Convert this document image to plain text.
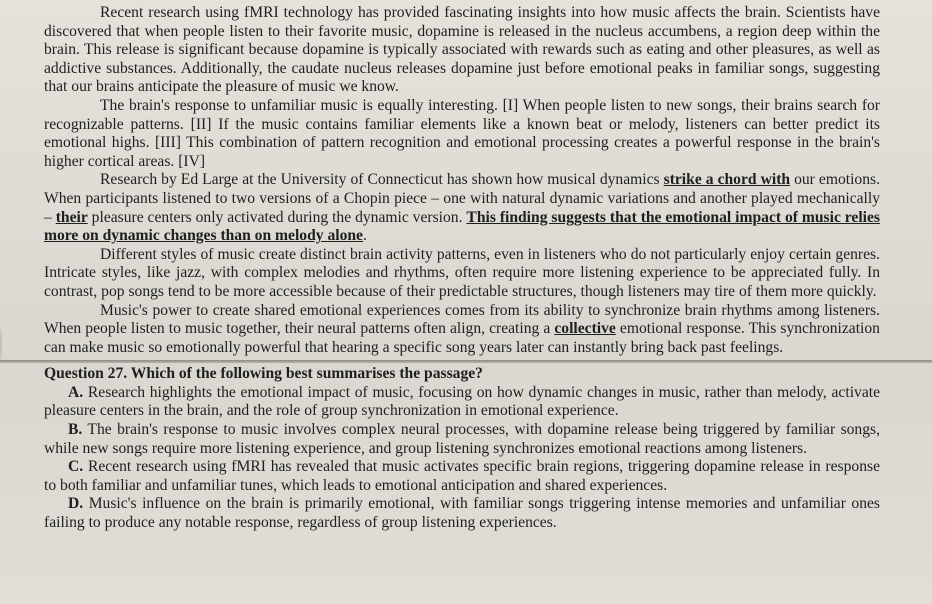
Recent research using fMRI technology has provided fascinating insights into how music affects the brain. Scientists have discovered that when people listen to their favorite music, dopamine is released in the nucleus accumbens, a region deep within the brain. This release is significant because dopamine is typically associated with rewards such as eating and other pleasures, as well as addictive substances. Additionally, the caudate nucleus releases dopamine just before emotional peaks in familiar songs, suggesting that our brains anticipate the pleasure of music we know.

The brain's response to unfamiliar music is equally interesting. [I] When people listen to new songs, their brains search for recognizable patterns. [II] If the music contains familiar elements like a known beat or melody, listeners can better predict its emotional highs. [III] This combination of pattern recognition and emotional processing creates a powerful response in the brain's higher cortical areas. [IV]

Research by Ed Large at the University of Connecticut has shown how musical dynamics strike a chord with our emotions. When participants listened to two versions of a Chopin piece – one with natural dynamic variations and another played mechanically – their pleasure centers only activated during the dynamic version. This finding suggests that the emotional impact of music relies more on dynamic changes than on melody alone.

Different styles of music create distinct brain activity patterns, even in listeners who do not particularly enjoy certain genres. Intricate styles, like jazz, with complex melodies and rhythms, often require more listening experience to be appreciated fully. In contrast, pop songs tend to be more accessible because of their predictable structures, though listeners may tire of them more quickly.

Music's power to create shared emotional experiences comes from its ability to synchronize brain rhythms among listeners. When people listen to music together, their neural patterns often align, creating a collective emotional response. This synchronization can make music so emotionally powerful that hearing a specific song years later can instantly bring back past feelings.

Question 27. Which of the following best summarises the passage?

A. Research highlights the emotional impact of music, focusing on how dynamic changes in music, rather than melody, activate pleasure centers in the brain, and the role of group synchronization in emotional experience.

B. The brain's response to music involves complex neural processes, with dopamine release being triggered by familiar songs, while new songs require more listening experience, and group listening synchronizes emotional reactions among listeners.

C. Recent research using fMRI has revealed that music activates specific brain regions, triggering dopamine release in response to both familiar and unfamiliar tunes, which leads to emotional anticipation and shared experiences.

D. Music's influence on the brain is primarily emotional, with familiar songs triggering intense memories and unfamiliar ones failing to produce any notable response, regardless of group listening experiences.
